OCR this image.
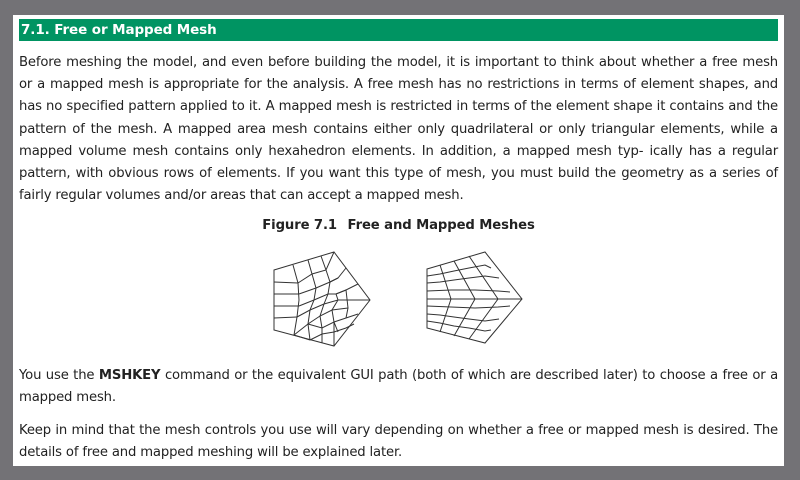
7.1. Free or Mapped Mesh

Before meshing the model, and even before building the model, it is important to think about whether a free mesh or a mapped mesh is appropriate for the analysis. A free mesh has no restrictions in terms of element shapes, and has no specified pattern applied to it. A mapped mesh is restricted in terms of the element shape it contains and the pattern of the mesh. A mapped area mesh contains either only quadrilateral or only triangular elements, while a mapped volume mesh contains only hexahedron elements. In addition, a mapped mesh typ- ically has a regular pattern, with obvious rows of elements. If you want this type of mesh, you must build the geometry as a series of fairly regular volumes and/or areas that can accept a mapped mesh.

Figure 7.1 Free and Mapped Meshes

You use the MSHKEY command or the equivalent GUI path (both of which are described later) to choose a free or a mapped mesh.

Keep in mind that the mesh controls you use will vary depending on whether a free or mapped mesh is desired. The details of free and mapped meshing will be explained later.
